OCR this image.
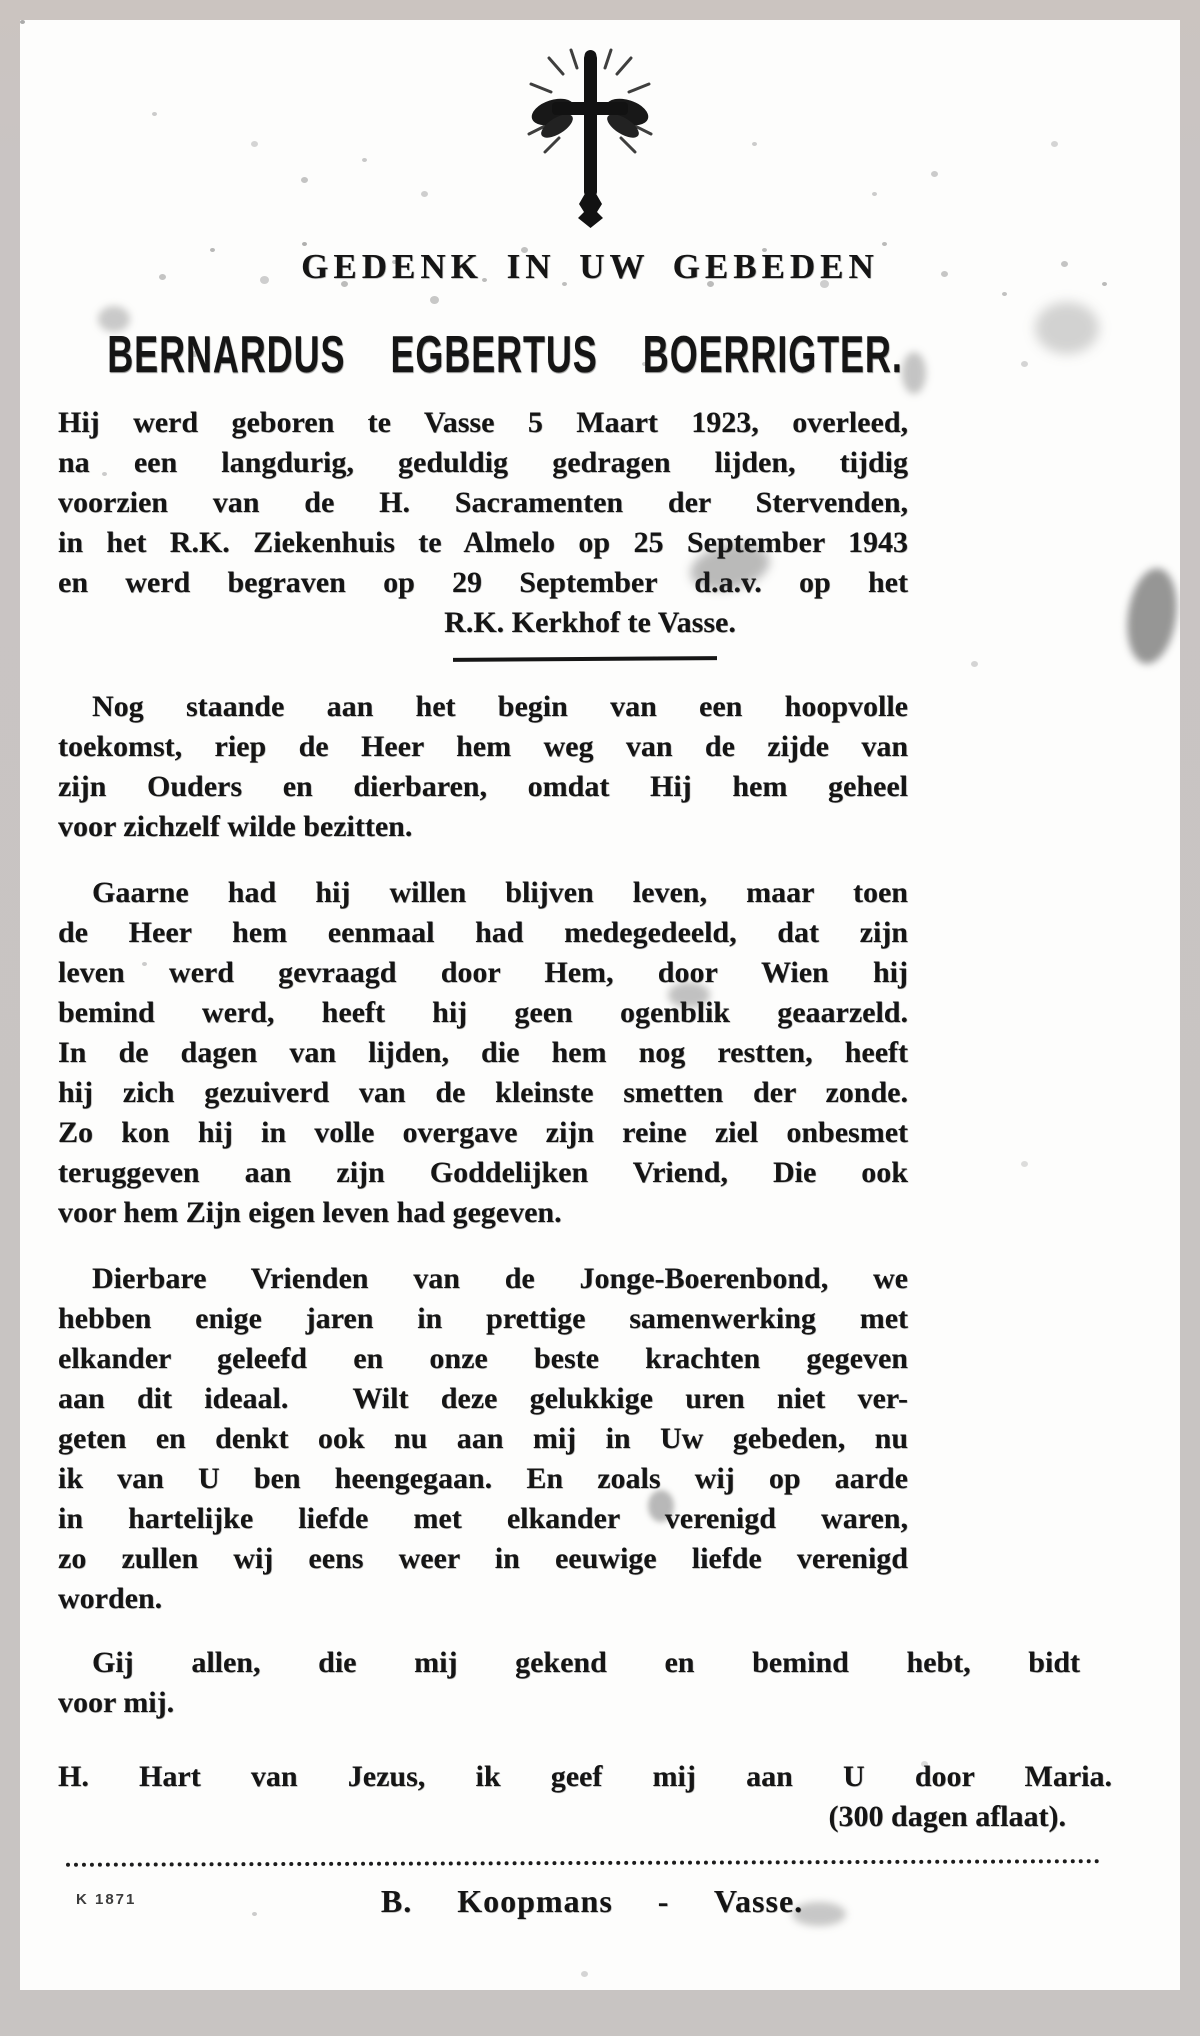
GEDENK IN UW GEBEDEN
BERNARDUS EGBERTUS BOERRIGTER.
Hij werd geboren te Vasse 5 Maart 1923, overleed,
na een langdurig, geduldig gedragen lijden, tijdig
voorzien van de H. Sacramenten der Stervenden,
in het R.K. Ziekenhuis te Almelo op 25 September 1943
en werd begraven op 29 September d.a.v. op het
R.K. Kerkhof te Vasse.
Nog staande aan het begin van een hoopvolle
toekomst, riep de Heer hem weg van de zijde van
zijn Ouders en dierbaren, omdat Hij hem geheel
voor zichzelf wilde bezitten.
Gaarne had hij willen blijven leven, maar toen
de Heer hem eenmaal had medegedeeld, dat zijn
leven werd gevraagd door Hem, door Wien hij
bemind werd, heeft hij geen ogenblik geaarzeld.
In de dagen van lijden, die hem nog restten, heeft
hij zich gezuiverd van de kleinste smetten der zonde.
Zo kon hij in volle overgave zijn reine ziel onbesmet
teruggeven aan zijn Goddelijken Vriend, Die ook
voor hem Zijn eigen leven had gegeven.
Dierbare Vrienden van de Jonge-Boerenbond, we
hebben enige jaren in prettige samenwerking met
elkander geleefd en onze beste krachten gegeven
aan dit ideaal.  Wilt deze gelukkige uren niet ver-
geten en denkt ook nu aan mij in Uw gebeden, nu
ik van U ben heengegaan. En zoals wij op aarde
in hartelijke liefde met elkander verenigd waren,
zo zullen wij eens weer in eeuwige liefde verenigd
worden.
Gij allen, die mij gekend en bemind hebt, bidt
voor mij.
H. Hart van Jezus, ik geef mij aan U door Maria.
(300 dagen aflaat).
K 1871	B. Koopmans - Vasse.
